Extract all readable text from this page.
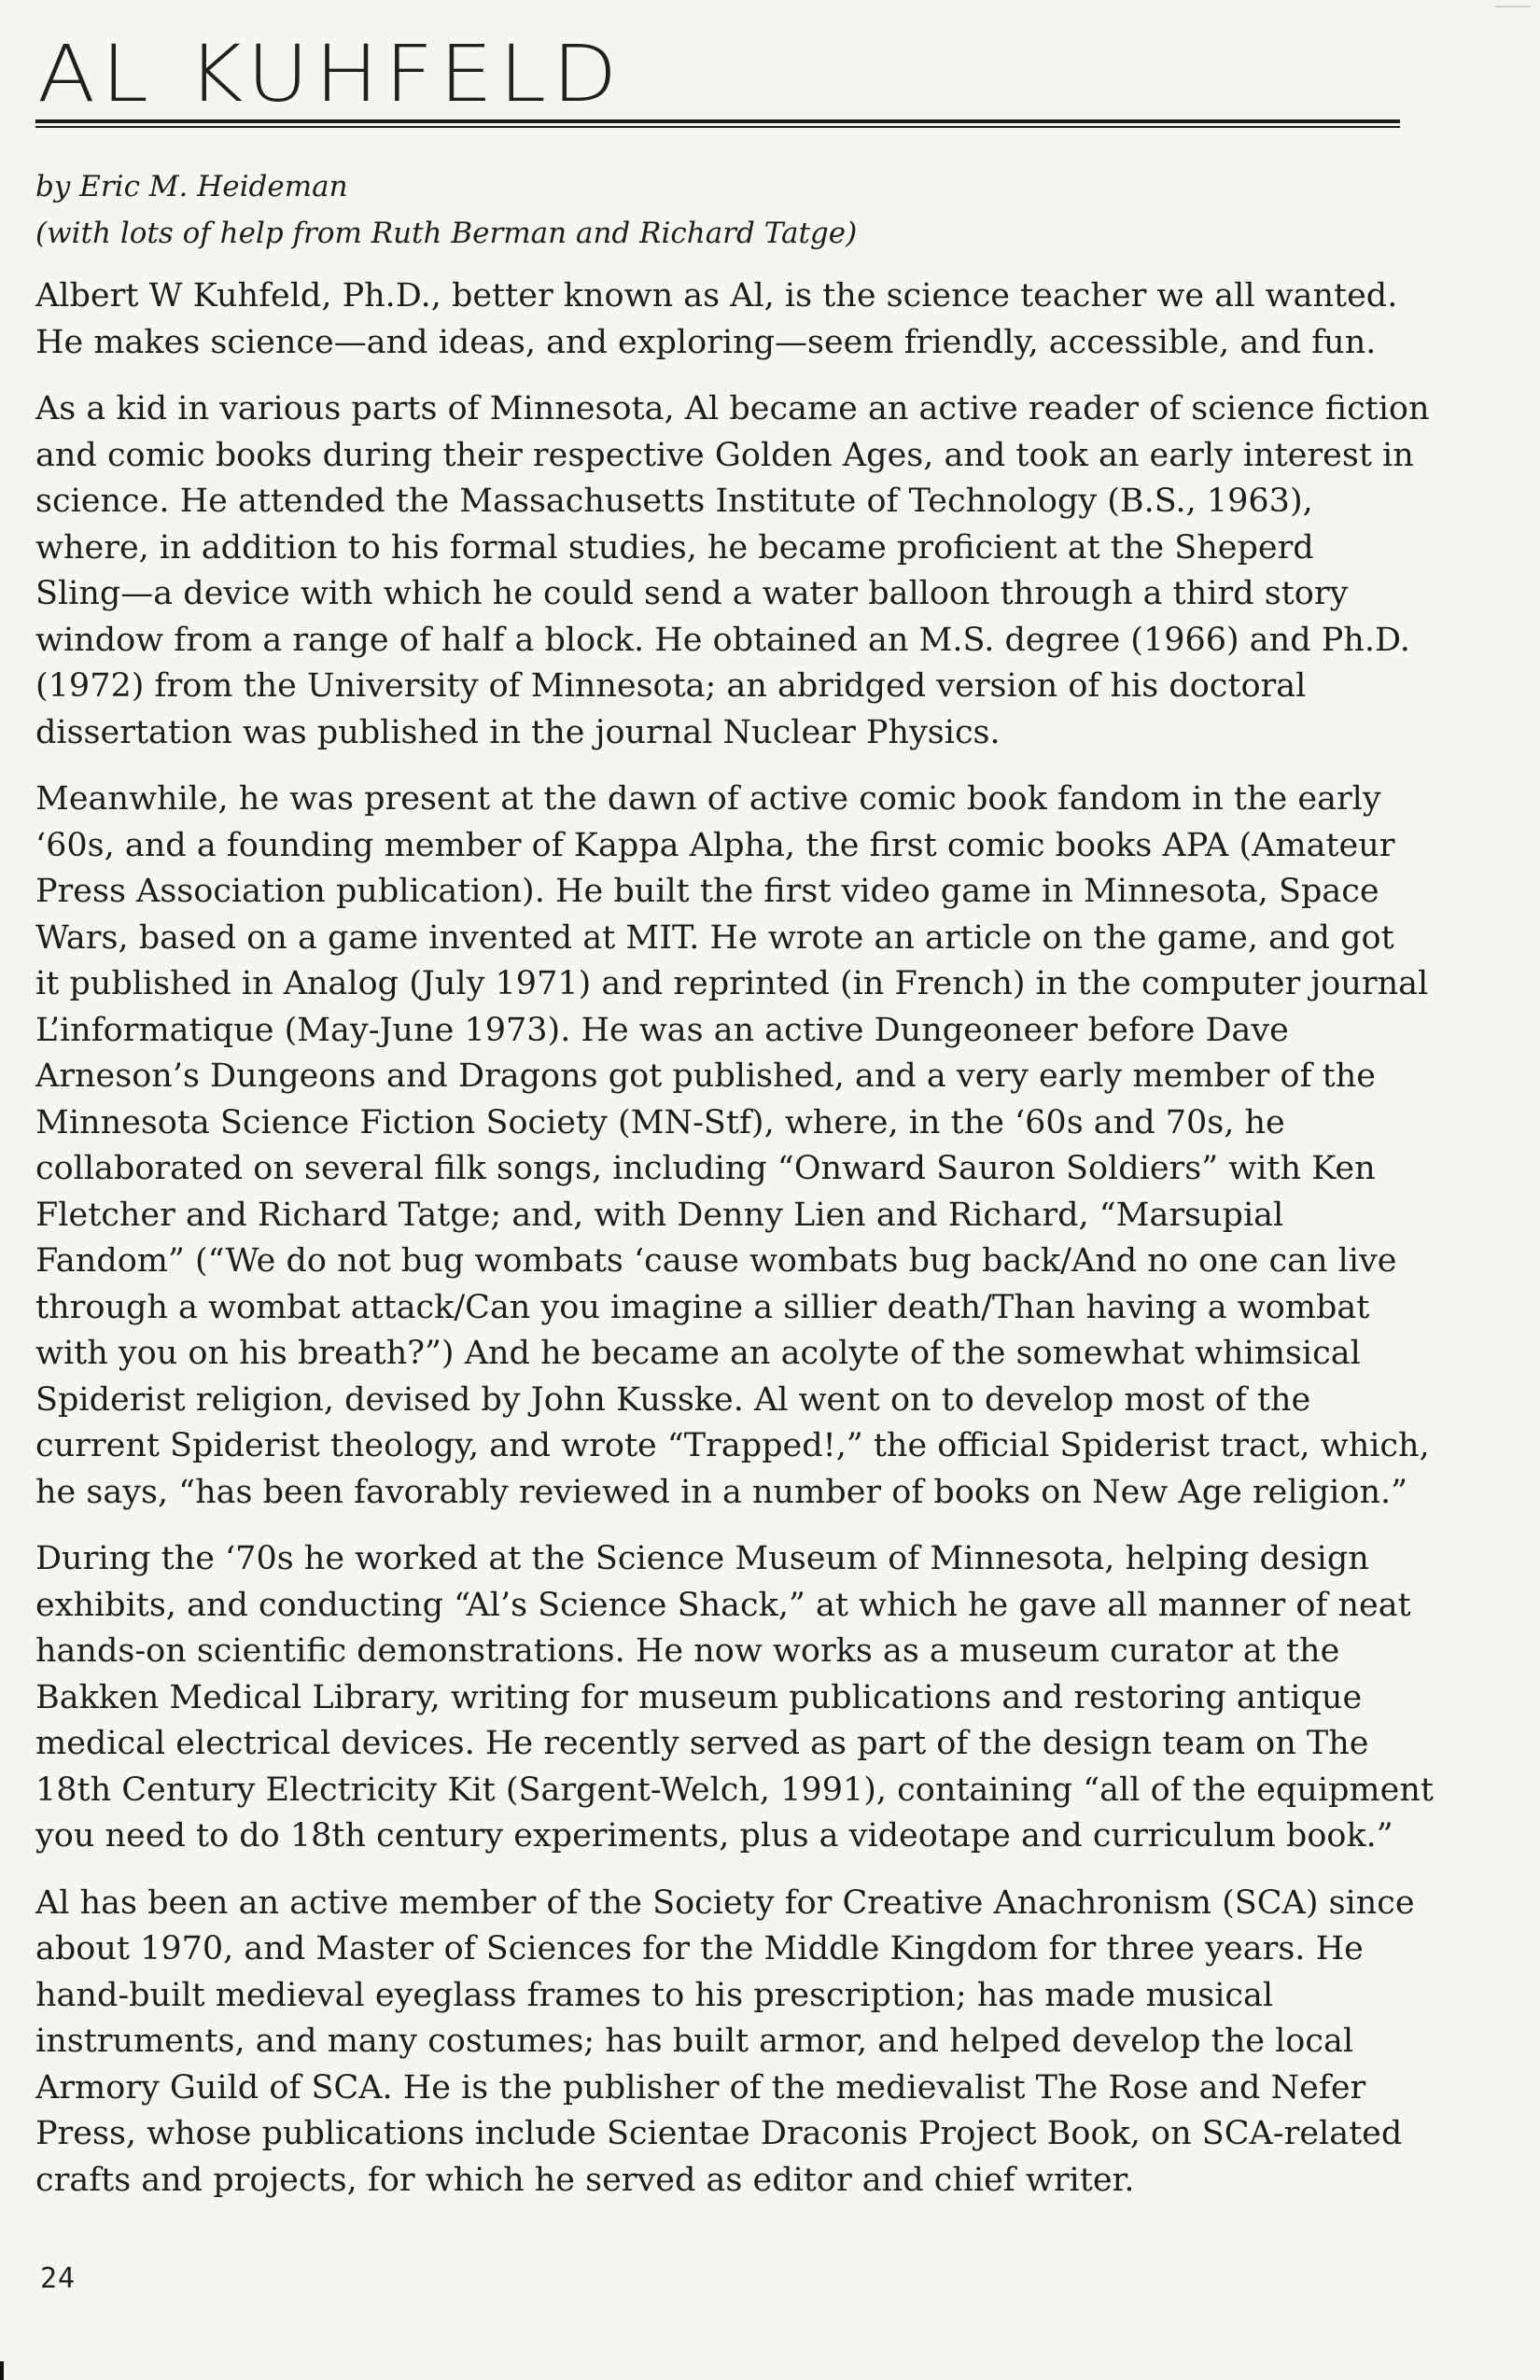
AL KUHFELD
by Eric M. Heideman
(with lots of help from Ruth Berman and Richard Tatge)

Albert W Kuhfeld, Ph.D., better known as Al, is the science teacher we all wanted.
He makes science—and ideas, and exploring—seem friendly, accessible, and fun.

As a kid in various parts of Minnesota, Al became an active reader of science fiction
and comic books during their respective Golden Ages, and took an early interest in
science. He attended the Massachusetts Institute of Technology (B.S., 1963),
where, in addition to his formal studies, he became proficient at the Sheperd
Sling—a device with which he could send a water balloon through a third story
window from a range of half a block. He obtained an M.S. degree (1966) and Ph.D.
(1972) from the University of Minnesota; an abridged version of his doctoral
dissertation was published in the journal Nuclear Physics.

Meanwhile, he was present at the dawn of active comic book fandom in the early
‘60s, and a founding member of Kappa Alpha, the first comic books APA (Amateur
Press Association publication). He built the first video game in Minnesota, Space
Wars, based on a game invented at MIT. He wrote an article on the game, and got
it published in Analog (July 1971) and reprinted (in French) in the computer journal
L’informatique (May-June 1973). He was an active Dungeoneer before Dave
Arneson’s Dungeons and Dragons got published, and a very early member of the
Minnesota Science Fiction Society (MN-Stf), where, in the ‘60s and 70s, he
collaborated on several filk songs, including “Onward Sauron Soldiers” with Ken
Fletcher and Richard Tatge; and, with Denny Lien and Richard, “Marsupial
Fandom” (“We do not bug wombats ‘cause wombats bug back/And no one can live
through a wombat attack/Can you imagine a sillier death/Than having a wombat
with you on his breath?”) And he became an acolyte of the somewhat whimsical
Spiderist religion, devised by John Kusske. Al went on to develop most of the
current Spiderist theology, and wrote “Trapped!,” the official Spiderist tract, which,
he says, “has been favorably reviewed in a number of books on New Age religion.”

During the ‘70s he worked at the Science Museum of Minnesota, helping design
exhibits, and conducting “Al’s Science Shack,” at which he gave all manner of neat
hands-on scientific demonstrations. He now works as a museum curator at the
Bakken Medical Library, writing for museum publications and restoring antique
medical electrical devices. He recently served as part of the design team on The
18th Century Electricity Kit (Sargent-Welch, 1991), containing “all of the equipment
you need to do 18th century experiments, plus a videotape and curriculum book.”

Al has been an active member of the Society for Creative Anachronism (SCA) since
about 1970, and Master of Sciences for the Middle Kingdom for three years. He
hand-built medieval eyeglass frames to his prescription; has made musical
instruments, and many costumes; has built armor, and helped develop the local
Armory Guild of SCA. He is the publisher of the medievalist The Rose and Nefer
Press, whose publications include Scientae Draconis Project Book, on SCA-related
crafts and projects, for which he served as editor and chief writer.

24
